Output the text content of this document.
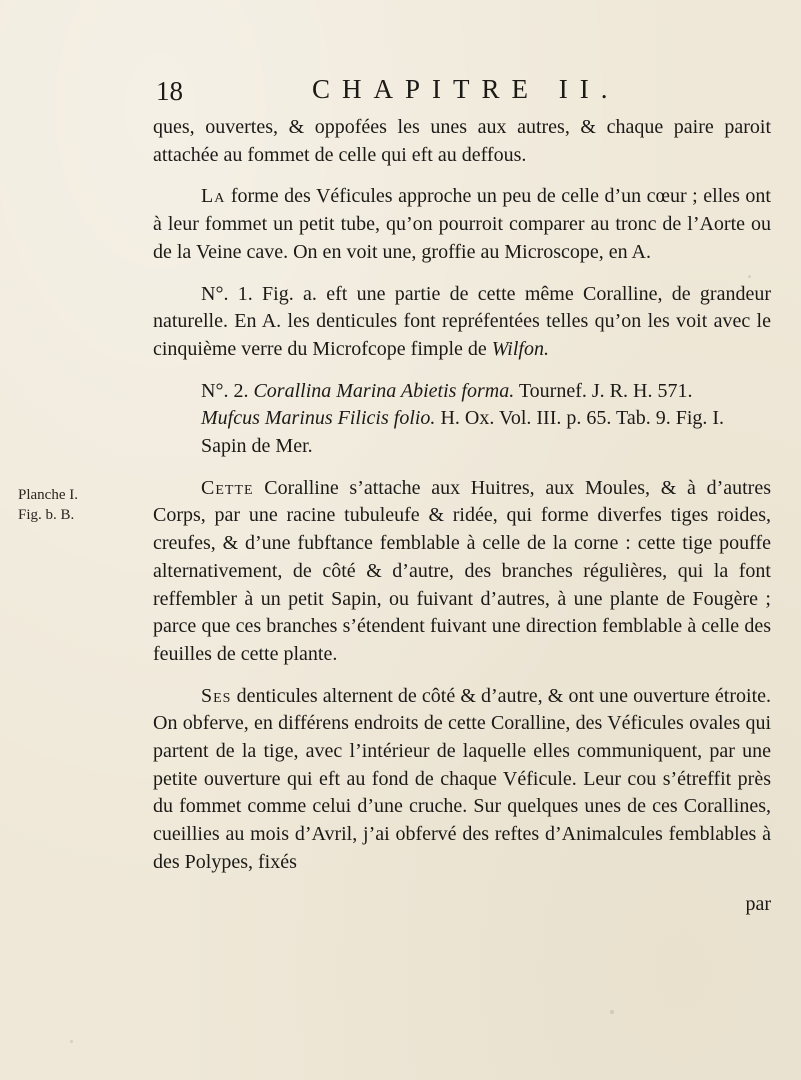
18	CHAPITRE II.
Planche I.
Fig. b. B.

ques, ouvertes, & oppofées les unes aux autres, & chaque paire paroit attachée au fommet de celle qui eft au deffous.

La forme des Véficules approche un peu de celle d’un cœur ; elles ont à leur fommet un petit tube, qu’on pourroit comparer au tronc de l’Aorte ou de la Veine cave. On en voit une, groffie au Microscope, en A.

N°. 1. Fig. a. eft une partie de cette même Coralline, de grandeur naturelle. En A. les denticules font repréfentées telles qu’on les voit avec le cinquième verre du Microfcope fimple de Wilfon.

N°. 2. Corallina Marina Abietis forma. Tournef. J. R. H. 571.

Mufcus Marinus Filicis folio. H. Ox. Vol. III. p. 65. Tab. 9. Fig. I.

Sapin de Mer.

Cette Coralline s’attache aux Huitres, aux Moules, & à d’autres Corps, par une racine tubuleufe & ridée, qui forme diverfes tiges roides, creufes, & d’une fubftance femblable à celle de la corne : cette tige pouffe alternativement, de côté & d’autre, des branches régulières, qui la font reffembler à un petit Sapin, ou fuivant d’autres, à une plante de Fougère ; parce que ces branches s’étendent fuivant une direction femblable à celle des feuilles de cette plante.

Ses denticules alternent de côté & d’autre, & ont une ouverture étroite. On obferve, en différens endroits de cette Coralline, des Véficules ovales qui partent de la tige, avec l’intérieur de laquelle elles communiquent, par une petite ouverture qui eft au fond de chaque Véficule. Leur cou s’étreffit près du fommet comme celui d’une cruche. Sur quelques unes de ces Corallines, cueillies au mois d’Avril, j’ai obfervé des reftes d’Animalcules femblables à des Polypes, fixés

par
